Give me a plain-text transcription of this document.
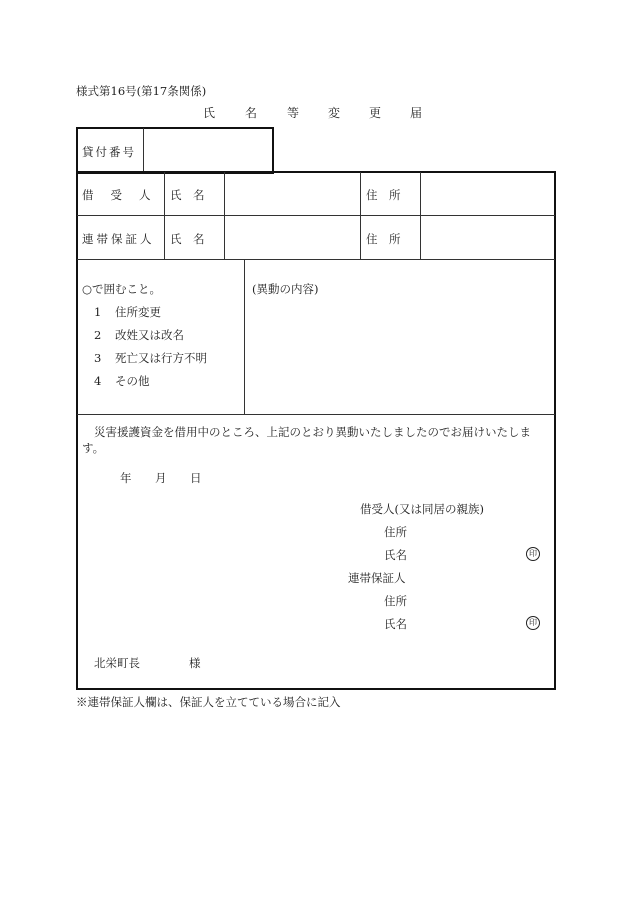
様式第16号(第17条関係)
氏 名 等 変 更 届
貸付番号
借受人 氏　名	住　所
連帯保証人 氏　名	住　所
○で囲むこと。
1 住所変更
2 改姓又は改名
3 死亡又は行方不明
4 その他
(異動の内容)
災害援護資金を借用中のところ、上記のとおり異動いたしましたのでお届けいたしま
す。
年 月 日
借受人(又は同居の親族)
住所
氏名	印
連帯保証人
住所
氏名	印
北栄町長	様
※連帯保証人欄は、保証人を立てている場合に記入
